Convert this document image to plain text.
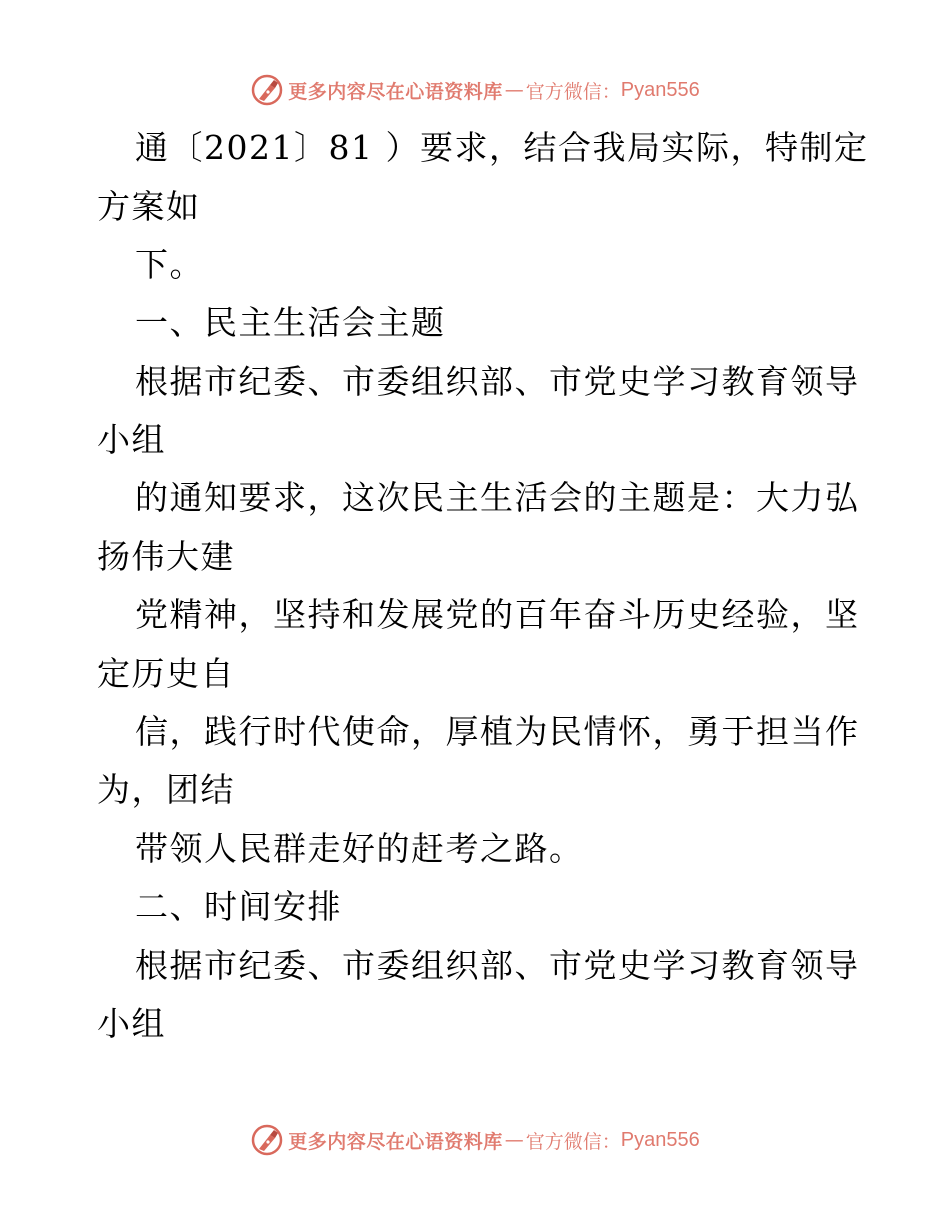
更多内容尽在心语资料库 — 官方微信： Pyan556
通〔2021〕81 ）要求，结合我局实际，特制定
方案如
下。
一、民主生活会主题
根据市纪委、市委组织部、市党史学习教育领导
小组
的通知要求，这次民主生活会的主题是：大力弘
扬伟大建
党精神，坚持和发展党的百年奋斗历史经验，坚
定历史自
信，践行时代使命，厚植为民情怀，勇于担当作
为，团结
带领人民群走好的赶考之路。
二、时间安排
根据市纪委、市委组织部、市党史学习教育领导
小组
更多内容尽在心语资料库 — 官方微信： Pyan556
